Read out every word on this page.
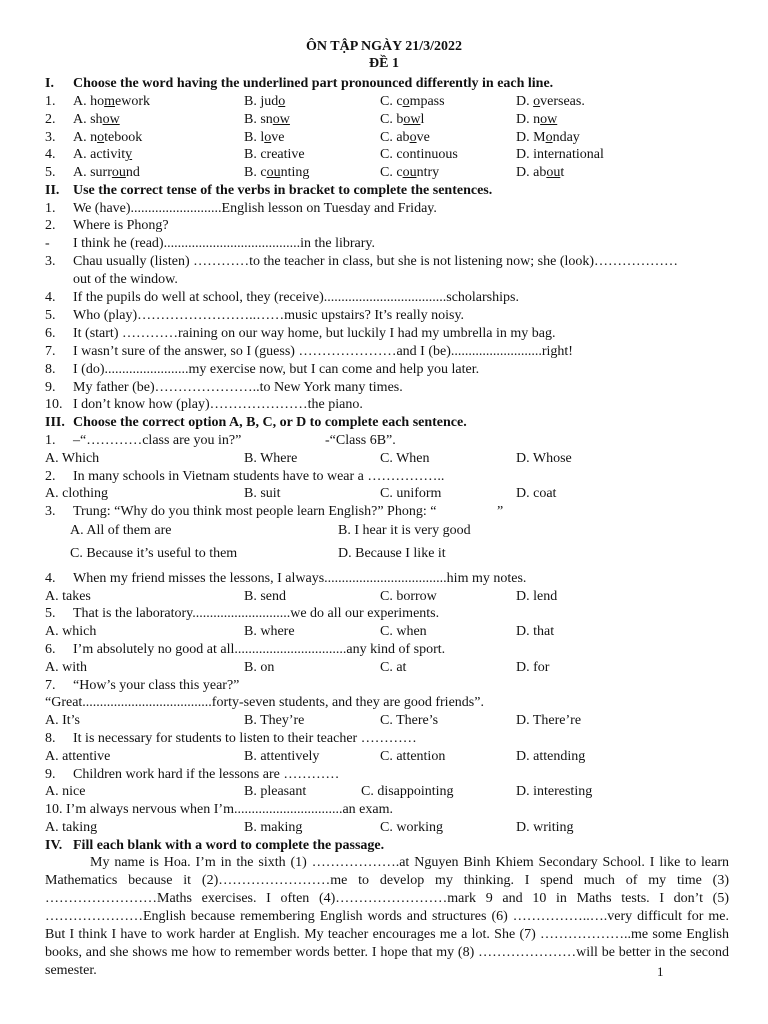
ÔN TẬP NGÀY 21/3/2022
ĐỀ 1
I. Choose the word having the underlined part pronounced differently in each line.
1. A. homework	B. judo	C. compass	D. overseas.
2. A. show	B. snow	C. bowl	D. now
3. A. notebook	B. love	C. above	D. Monday
4. A. activity	B. creative	C. continuous	D. international
5. A. surround	B. counting	C. country	D. about
II. Use the correct tense of the verbs in bracket to complete the sentences.
1. We (have)..........................English lesson on Tuesday and Friday.
2. Where is Phong?
- I think he (read).......................................in the library.
3. Chau usually (listen) …………to the teacher in class, but she is not listening now; she (look)………………
out of the window.
4. If the pupils do well at school, they (receive)...................................scholarships.
5. Who (play)……………………..……music upstairs? It’s really noisy.
6. It (start) …………raining on our way home, but luckily I had my umbrella in my bag.
7. I wasn’t sure of the answer, so I (guess) …………………and I (be)..........................right!
8. I (do)........................my exercise now, but I can come and help you later.
9. My father (be)…………………..to New York many times.
10. I don’t know how (play)…………………the piano.
III. Choose the correct option A, B, C, or D to complete each sentence.
1. –“…………class are you in?”	-“Class 6B”.
A. Which	B. Where	C. When	D. Whose
2. In many schools in Vietnam students have to wear a ……………..
A. clothing	B. suit	C. uniform	D. coat
3. Trung: “Why do you think most people learn English?” Phong: “	”
A. All of them are	B. I hear it is very good
C. Because it’s useful to them	D. Because I like it
4. When my friend misses the lessons, I always...................................him my notes.
A. takes	B. send	C. borrow	D. lend
5. That is the laboratory............................we do all our experiments.
A. which	B. where	C. when	D. that
6. I’m absolutely no good at all................................any kind of sport.
A. with	B. on	C. at	D. for
7. “How’s your class this year?”
“Great.....................................forty-seven students, and they are good friends”.
A. It’s	B. They’re	C. There’s	D. There’re
8. It is necessary for students to listen to their teacher …………
A. attentive	B. attentively	C. attention	D. attending
9. Children work hard if the lessons are …………
A. nice	B. pleasant	C. disappointing	D. interesting
10. I’m always nervous when I’m...............................an exam.
A. taking	B. making	C. working	D. writing
IV. Fill each blank with a word to complete the passage.

My name is Hoa. I’m in the sixth (1) ……………….at Nguyen Binh Khiem Secondary School. I like to learn Mathematics because it (2)……………………me to develop my thinking. I spend much of my time (3) ……………………Maths exercises. I often (4)……………………mark 9 and 10 in Maths tests. I don’t (5) …………………English because remembering English words and structures (6) ……………..….very difficult for me. But I think I have to work harder at English. My teacher encourages me a lot. She (7) ………………..me some English books, and she shows me how to remember words better. I hope that my (8) …………………will be better in the second semester.	1
